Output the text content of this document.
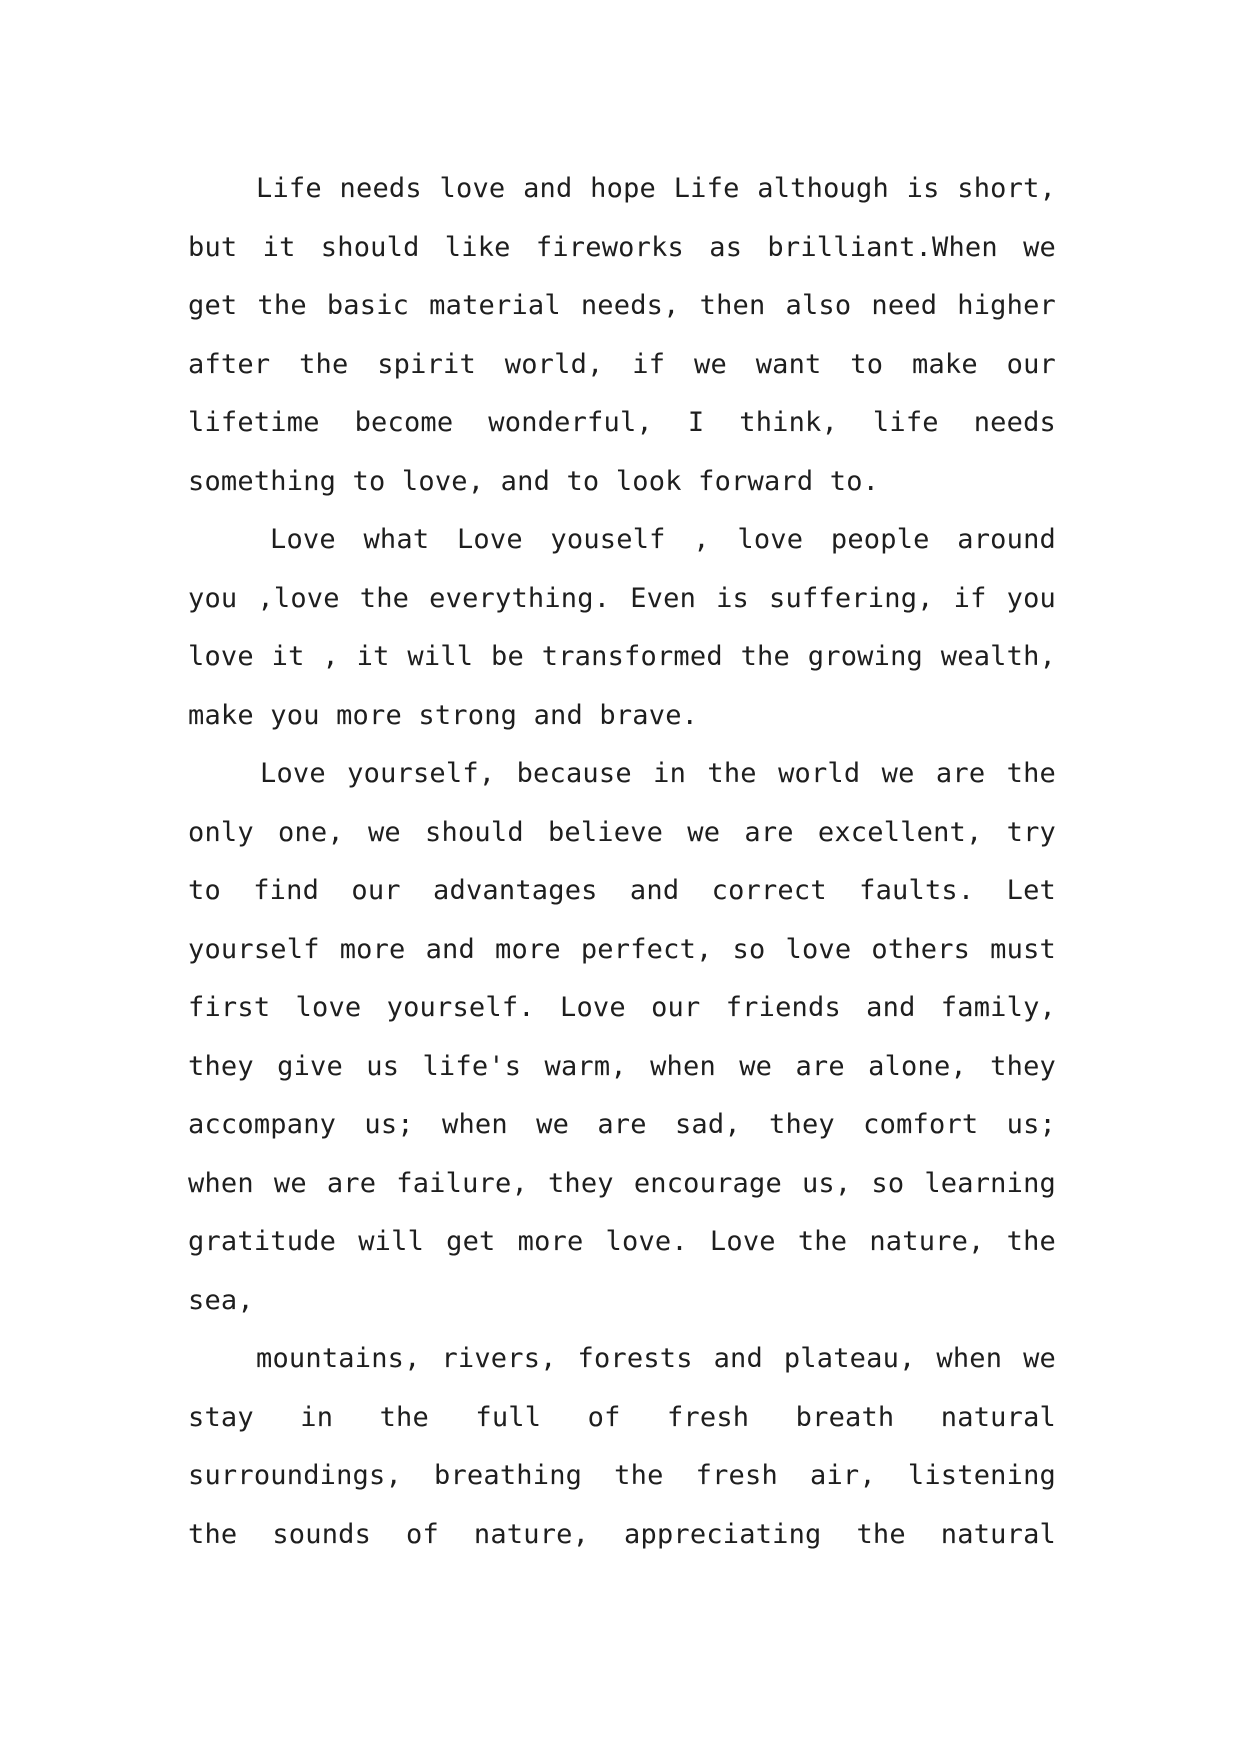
Life needs love and hope Life although is short,
but it should like fireworks as brilliant.When we
get the basic material needs, then also need higher
after the spirit world, if we want to make our
lifetime become wonderful, I think, life needs
something to love, and to look forward to.
Love what Love youself , love people around
you ,love the everything. Even is suffering, if you
love it , it will be transformed the growing wealth,
make you more strong and brave.
Love yourself, because in the world we are the
only one, we should believe we are excellent, try
to find our advantages and correct faults. Let
yourself more and more perfect, so love others must
first love yourself. Love our friends and family,
they give us life's warm, when we are alone, they
accompany us; when we are sad, they comfort us;
when we are failure, they encourage us, so learning
gratitude will get more love. Love the nature, the
sea,
mountains, rivers, forests and plateau, when we
stay in the full of fresh breath natural
surroundings, breathing the fresh air, listening
the sounds of nature, appreciating the natural
